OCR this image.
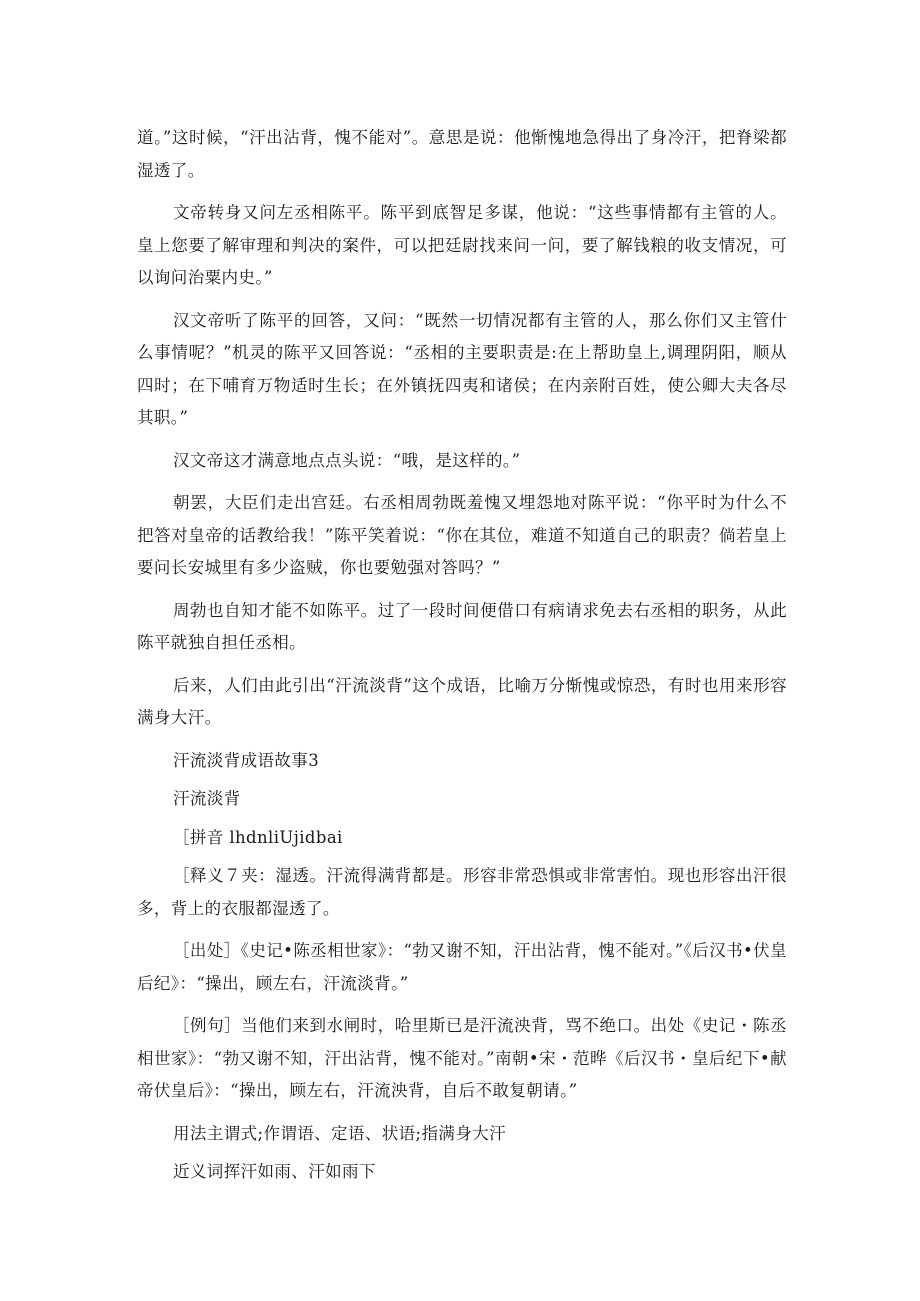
道。”这时候，“汗出沾背，愧不能对”。意思是说：他惭愧地急得出了身冷汗，把脊梁都湿透了。

文帝转身又问左丞相陈平。陈平到底智足多谋，他说：“这些事情都有主管的人。皇上您要了解审理和判决的案件，可以把廷尉找来问一问，要了解钱粮的收支情况，可以询问治粟内史。”

汉文帝听了陈平的回答，又问：“既然一切情况都有主管的人，那么你们又主管什么事情呢？”机灵的陈平又回答说：“丞相的主要职责是:在上帮助皇上,调理阴阳，顺从四时；在下哺育万物适时生长；在外镇抚四夷和诸侯；在内亲附百姓，使公卿大夫各尽其职。”

汉文帝这才满意地点点头说：“哦，是这样的。”

朝罢，大臣们走出宫廷。右丞相周勃既羞愧又埋怨地对陈平说：“你平时为什么不把答对皇帝的话教给我！”陈平笑着说：“你在其位，难道不知道自己的职责？倘若皇上要问长安城里有多少盗贼，你也要勉强对答吗？”

周勃也自知才能不如陈平。过了一段时间便借口有病请求免去右丞相的职务，从此陈平就独自担任丞相。

后来，人们由此引出“汗流淡背”这个成语，比喻万分惭愧或惊恐，有时也用来形容满身大汗。

汗流淡背成语故事3

汗流淡背

［拼音 lhdnliUjidbai

［释义７夹：湿透。汗流得满背都是。形容非常恐惧或非常害怕。现也形容出汗很多，背上的衣服都湿透了。

［出处］《史记•陈丞相世家》：“勃又谢不知，汗出沾背，愧不能对。”《后汉书•伏皇后纪》：“操出，顾左右，汗流淡背。”

［例句］当他们来到水闸时，哈里斯已是汗流泱背，骂不绝口。出处《史记・陈丞相世家》：“勃又谢不知，汗出沾背，愧不能对。”南朝•宋・范晔《后汉书・皇后纪下•献帝伏皇后》：“操出，顾左右，汗流泱背，自后不敢复朝请。”

用法主谓式;作谓语、定语、状语;指满身大汗

近义词挥汗如雨、汗如雨下
